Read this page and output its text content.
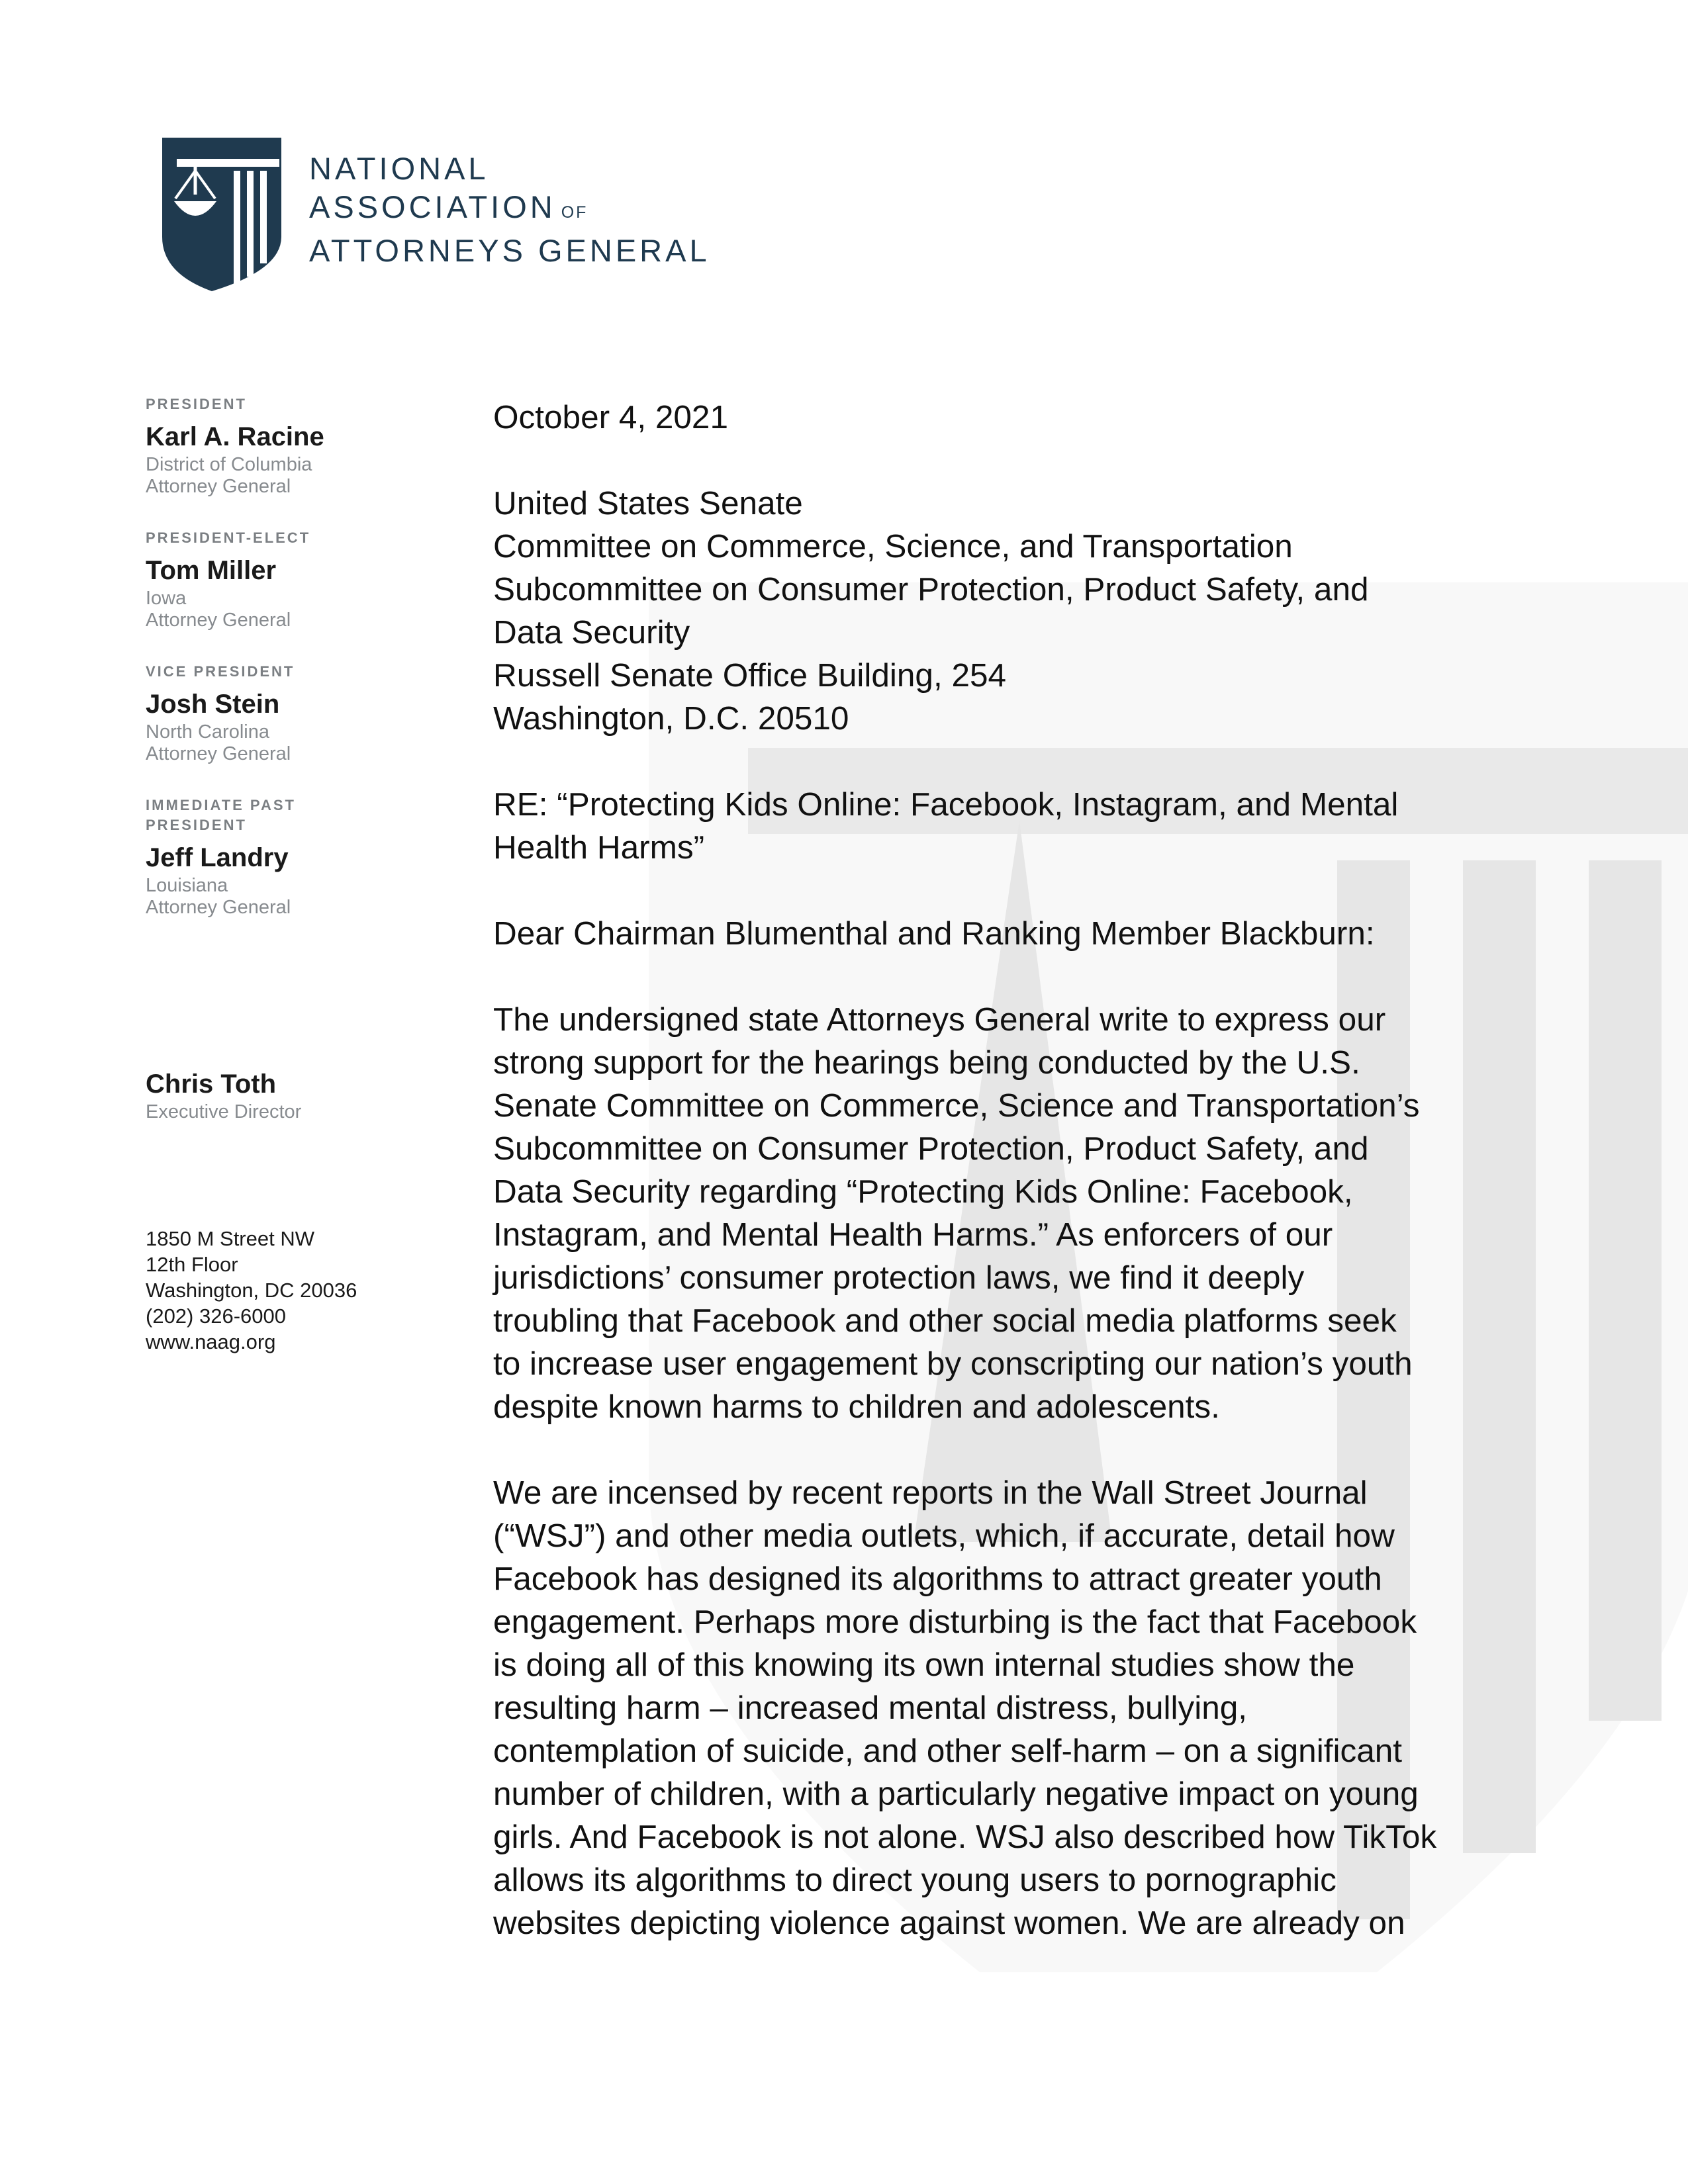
NATIONAL
ASSOCIATION OF
ATTORNEYS GENERAL
PRESIDENT
Karl A. Racine
District of Columbia
Attorney General
PRESIDENT-ELECT
Tom Miller
Iowa
Attorney General
VICE PRESIDENT
Josh Stein
North Carolina
Attorney General
IMMEDIATE PAST
PRESIDENT
Jeff Landry
Louisiana
Attorney General
Chris Toth
Executive Director
1850 M Street NW
12th Floor
Washington, DC 20036
(202) 326-6000
www.naag.org

October 4, 2021

United States Senate
Committee on Commerce, Science, and Transportation
Subcommittee on Consumer Protection, Product Safety, and
Data Security
Russell Senate Office Building, 254
Washington, D.C. 20510

RE: “Protecting Kids Online: Facebook, Instagram, and Mental
Health Harms”

Dear Chairman Blumenthal and Ranking Member Blackburn:

The undersigned state Attorneys General write to express our
strong support for the hearings being conducted by the U.S.
Senate Committee on Commerce, Science and Transportation’s
Subcommittee on Consumer Protection, Product Safety, and
Data Security regarding “Protecting Kids Online: Facebook,
Instagram, and Mental Health Harms.” As enforcers of our
jurisdictions’ consumer protection laws, we find it deeply
troubling that Facebook and other social media platforms seek
to increase user engagement by conscripting our nation’s youth
despite known harms to children and adolescents.

We are incensed by recent reports in the Wall Street Journal
(“WSJ”) and other media outlets, which, if accurate, detail how
Facebook has designed its algorithms to attract greater youth
engagement. Perhaps more disturbing is the fact that Facebook
is doing all of this knowing its own internal studies show the
resulting harm – increased mental distress, bullying,
contemplation of suicide, and other self-harm – on a significant
number of children, with a particularly negative impact on young
girls. And Facebook is not alone. WSJ also described how TikTok
allows its algorithms to direct young users to pornographic
websites depicting violence against women. We are already on
